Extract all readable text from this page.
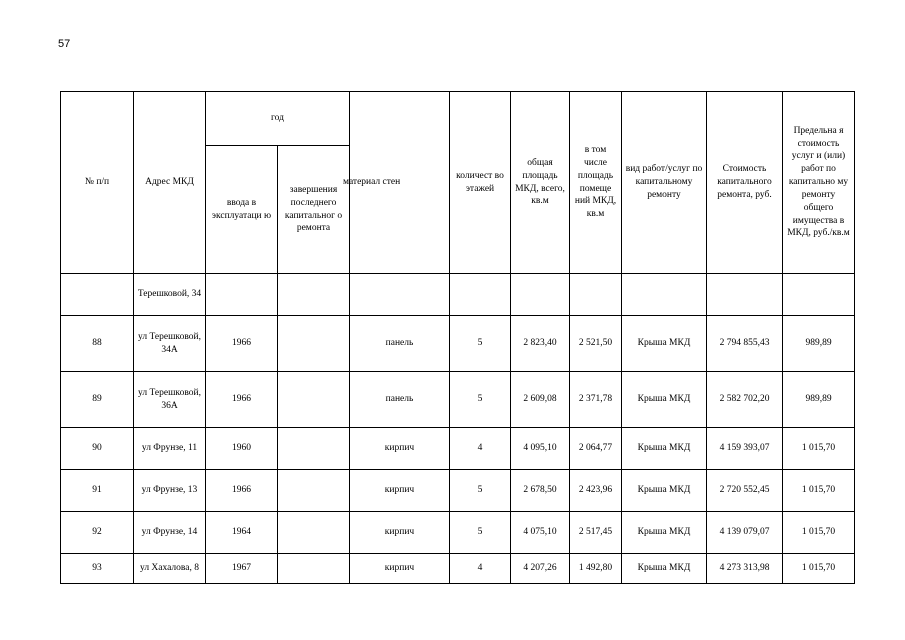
57
№ п/п	Адрес МКД	год		материал стен	количест во этажей	общая площадь МКД, всего, кв.м	в том числе площадь помеще ний МКД, кв.м	вид работ/услуг по капитальному ремонту	Стоимость капитального ремонта, руб.	Предельна я стоимость услуг и (или) работ по капитально му ремонту общего имущества в МКД, руб./кв.м
		ввода в эксплуатаци ю	завершения последнего капитальног о ремонта							
	Терешковой, 34									
88	ул Терешковой, 34А	1966		панель	5	2 823,40	2 521,50	Крыша МКД	2 794 855,43	989,89
89	ул Терешковой, 36А	1966		панель	5	2 609,08	2 371,78	Крыша МКД	2 582 702,20	989,89
90	ул Фрунзе, 11	1960		кирпич	4	4 095,10	2 064,77	Крыша МКД	4 159 393,07	1 015,70
91	ул Фрунзе, 13	1966		кирпич	5	2 678,50	2 423,96	Крыша МКД	2 720 552,45	1 015,70
92	ул Фрунзе, 14	1964		кирпич	5	4 075,10	2 517,45	Крыша МКД	4 139 079,07	1 015,70
93	ул Хахалова, 8	1967		кирпич	4	4 207,26	1 492,80	Крыша МКД	4 273 313,98	1 015,70
